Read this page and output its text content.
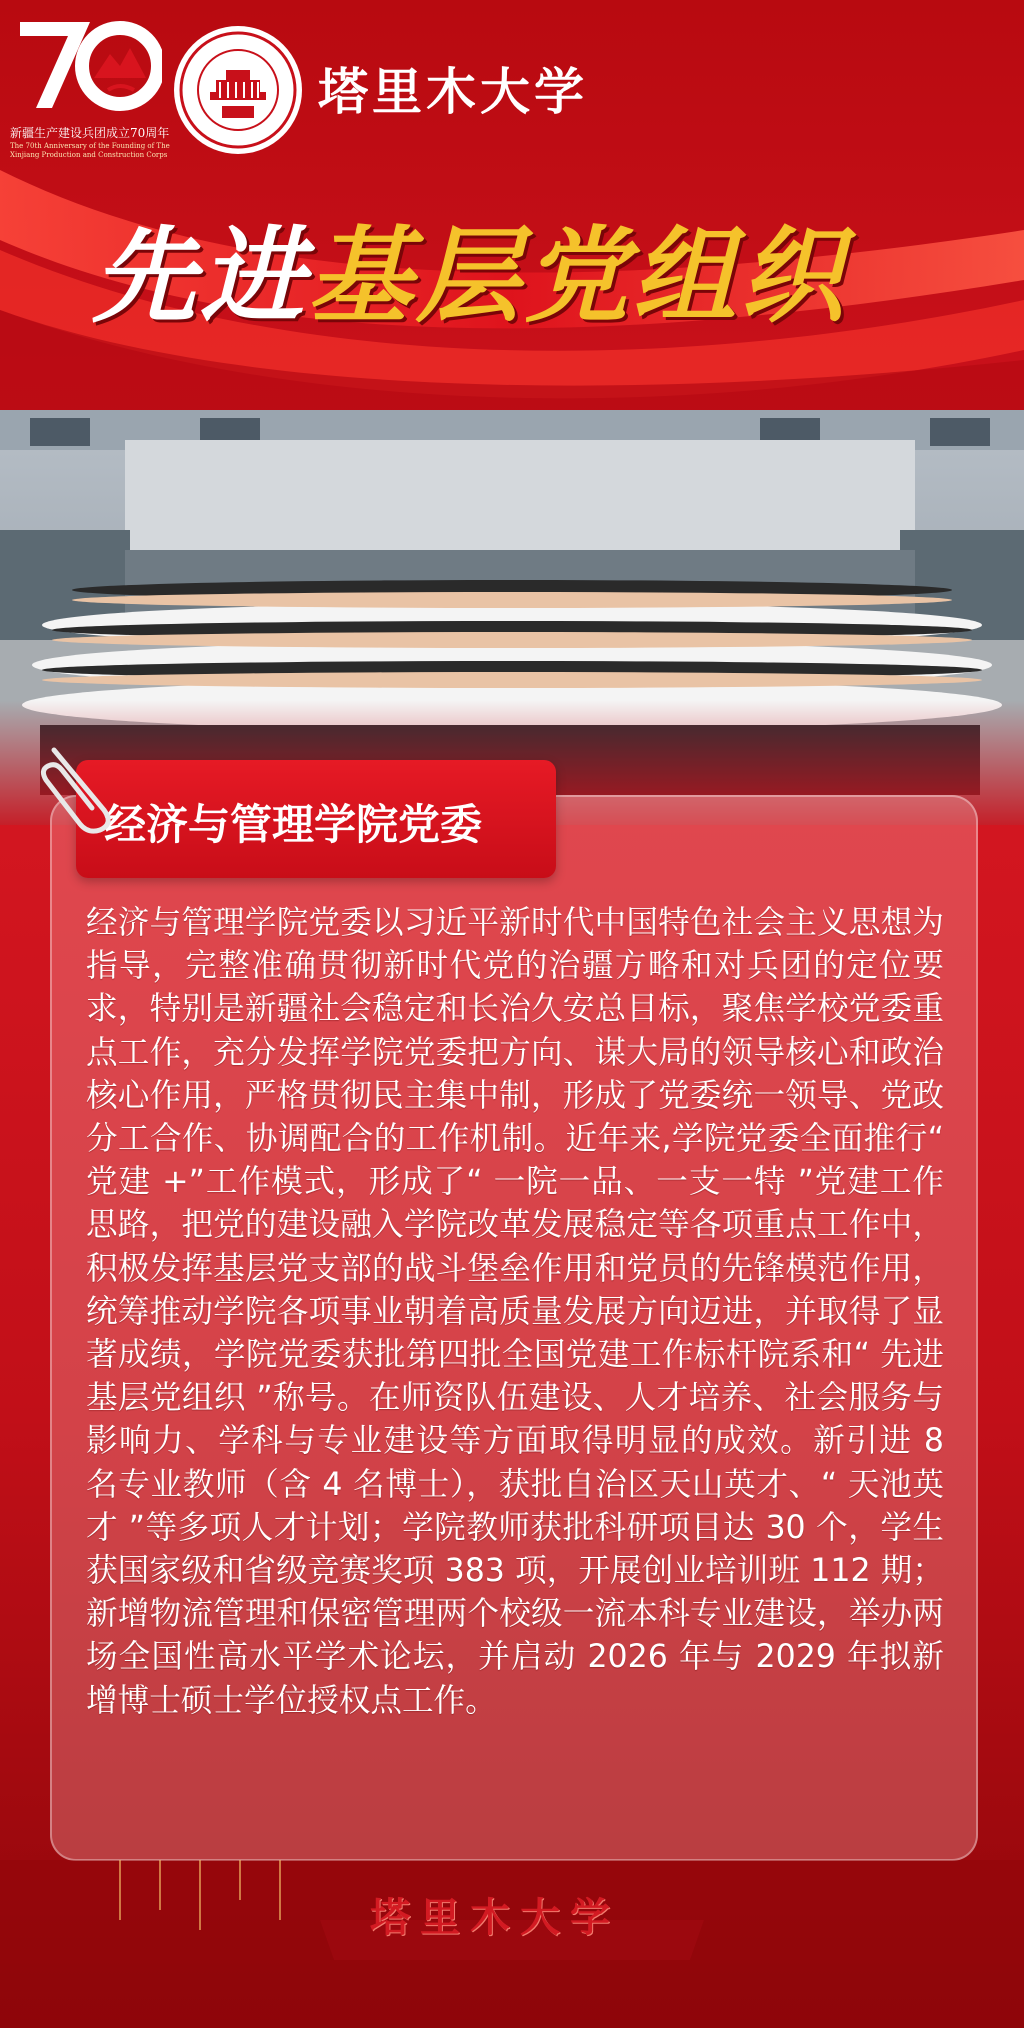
新疆生产建设兵团成立70周年
The 70th Anniversary of the Founding of The Xinjiang Production and Construction Corps
塔里木大学
先进基层党组织
经济与管理学院党委
经济与管理学院党委以习近平新时代中国特色社会主义思想为指导，完整准确贯彻新时代党的治疆方略和对兵团的定位要求，特别是新疆社会稳定和长治久安总目标，聚焦学校党委重点工作，充分发挥学院党委把方向、谋大局的领导核心和政治核心作用，严格贯彻民主集中制，形成了党委统一领导、党政分工合作、协调配合的工作机制。近年来,学院党委全面推行“ 党建 +”工作模式，形成了“ 一院一品、一支一特 ”党建工作思路，把党的建设融入学院改革发展稳定等各项重点工作中，积极发挥基层党支部的战斗堡垒作用和党员的先锋模范作用，统筹推动学院各项事业朝着高质量发展方向迈进，并取得了显著成绩，学院党委获批第四批全国党建工作标杆院系和“ 先进基层党组织 ”称号。在师资队伍建设、人才培养、社会服务与影响力、学科与专业建设等方面取得明显的成效。新引进 8 名专业教师（含 4 名博士），获批自治区天山英才、“ 天池英才 ”等多项人才计划；学院教师获批科研项目达 30 个，学生获国家级和省级竞赛奖项 383 项，开展创业培训班 112 期；新增物流管理和保密管理两个校级一流本科专业建设，举办两场全国性高水平学术论坛，并启动 2026 年与 2029 年拟新增博士硕士学位授权点工作。
塔里木大学
